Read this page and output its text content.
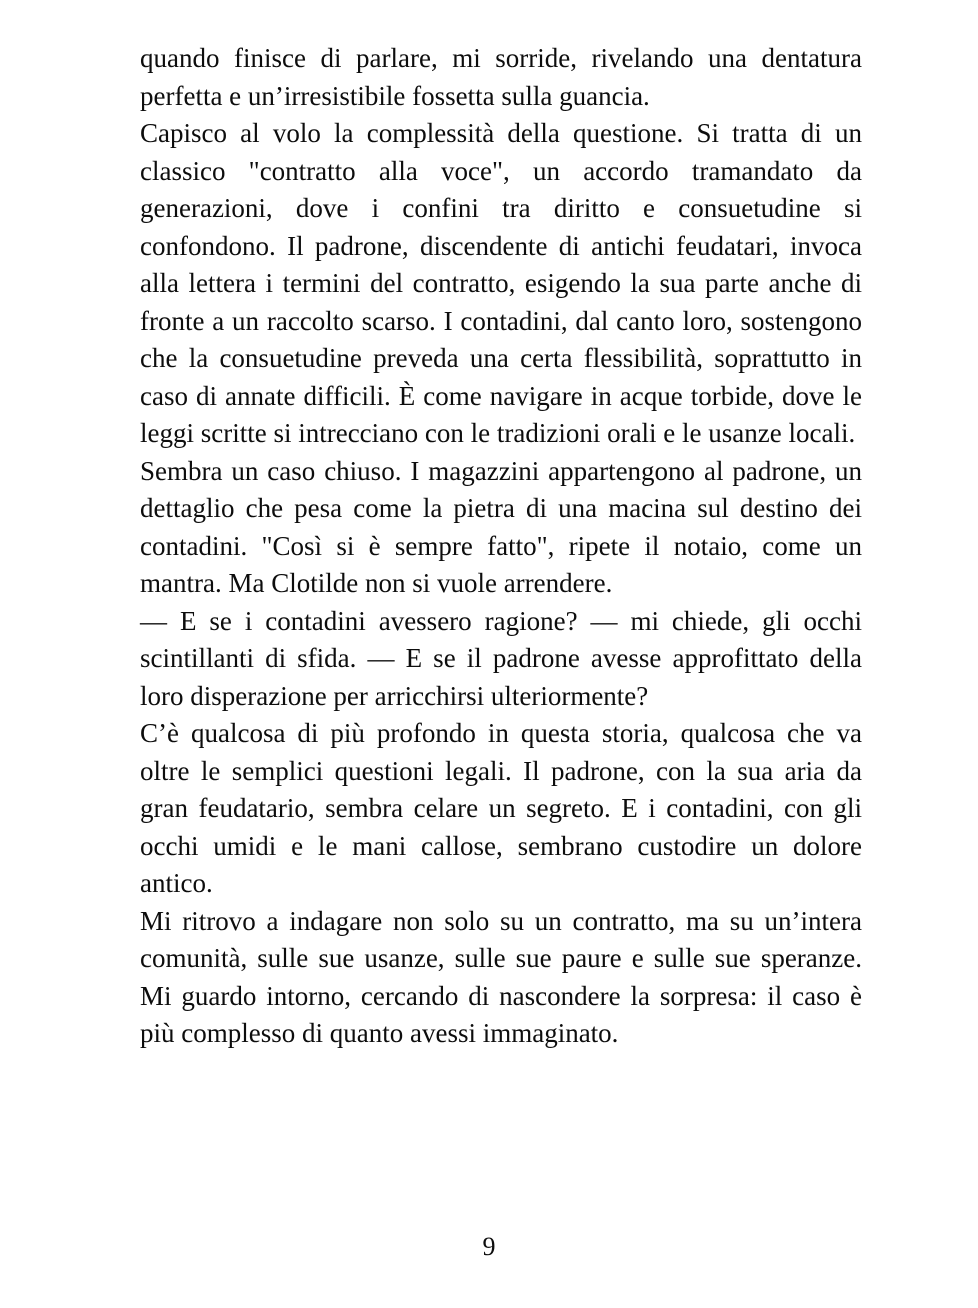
quando finisce di parlare, mi sorride, rivelando una dentatura perfetta e un’irresistibile fossetta sulla guancia.

Capisco al volo la complessità della questione. Si tratta di un classico "contratto alla voce", un accordo tramandato da generazioni, dove i confini tra diritto e consuetudine si confondono. Il padrone, discendente di antichi feudatari, invoca alla lettera i termini del contratto, esigendo la sua parte anche di fronte a un raccolto scarso. I contadini, dal canto loro, sostengono che la consuetudine preveda una certa flessibilità, soprattutto in caso di annate difficili. È come navigare in acque torbide, dove le leggi scritte si intrecciano con le tradizioni orali e le usanze locali.

Sembra un caso chiuso. I magazzini appartengono al padrone, un dettaglio che pesa come la pietra di una macina sul destino dei contadini. "Così si è sempre fatto", ripete il notaio, come un mantra. Ma Clotilde non si vuole arrendere.

— E se i contadini avessero ragione? — mi chiede, gli occhi scintillanti di sfida. — E se il padrone avesse approfittato della loro disperazione per arricchirsi ulteriormente?

C’è qualcosa di più profondo in questa storia, qualcosa che va oltre le semplici questioni legali. Il padrone, con la sua aria da gran feudatario, sembra celare un segreto. E i contadini, con gli occhi umidi e le mani callose, sembrano custodire un dolore antico.

Mi ritrovo a indagare non solo su un contratto, ma su un’intera comunità, sulle sue usanze, sulle sue paure e sulle sue speranze. Mi guardo intorno, cercando di nascondere la sorpresa: il caso è più complesso di quanto avessi immaginato.

9
